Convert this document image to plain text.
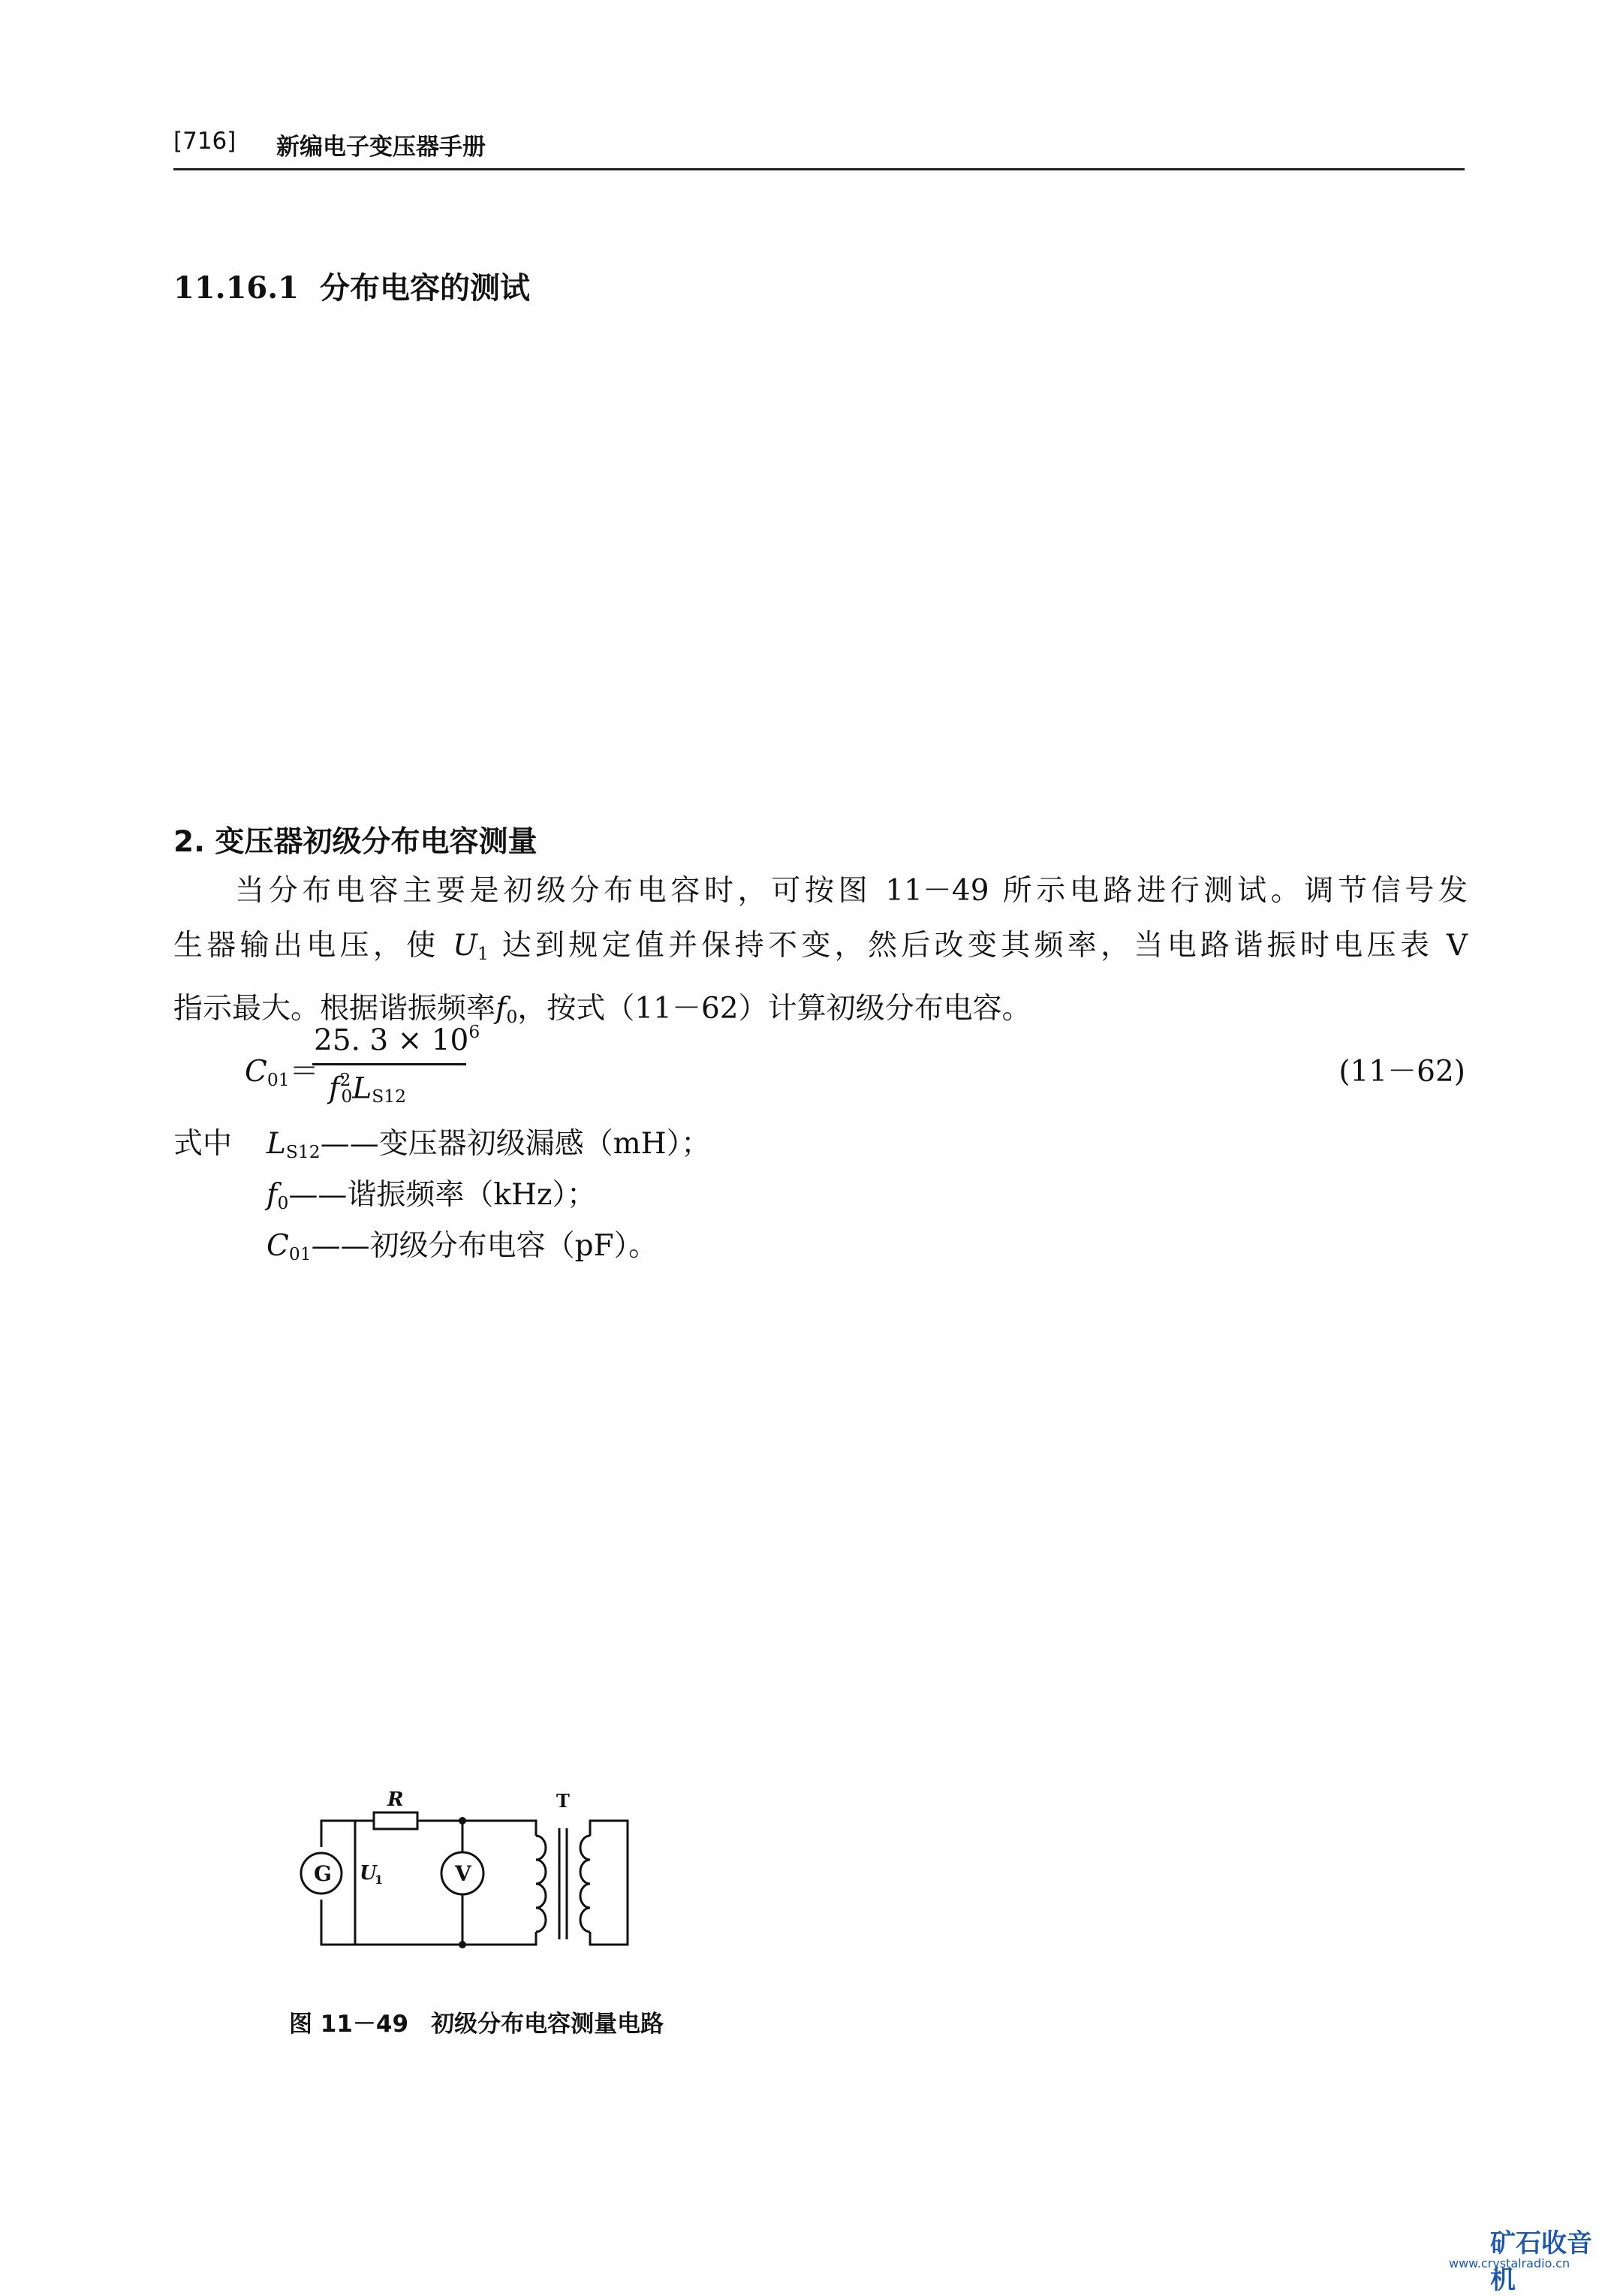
[716] 新编电子变压器手册
11.16.1 分布电容的测试
2. 变压器初级分布电容测量

当分布电容主要是初级分布电容时，可按图 11－49 所示电路进行测试。调节信号发

生器输出电压，使 $U_1$ 达到规定值并保持不变，然后改变其频率，当电路谐振时电压表 V

指示最大。根据谐振频率$f_0$，按式（11－62）计算初级分布电容。

$C_{01}=$
25. $3 \times 10^6$
$f^2_0L_{S12}$
(11－62)
式中 $L_{S12}——$变压器初级漏感（mH）；
$f_0——$谐振频率（kHz）；
$C_{01}——$初级分布电容（pF）。
R	T
G	V
U
1
图 11－49 初级分布电容测量电路
矿石收音机
www.crystalradio.cn
